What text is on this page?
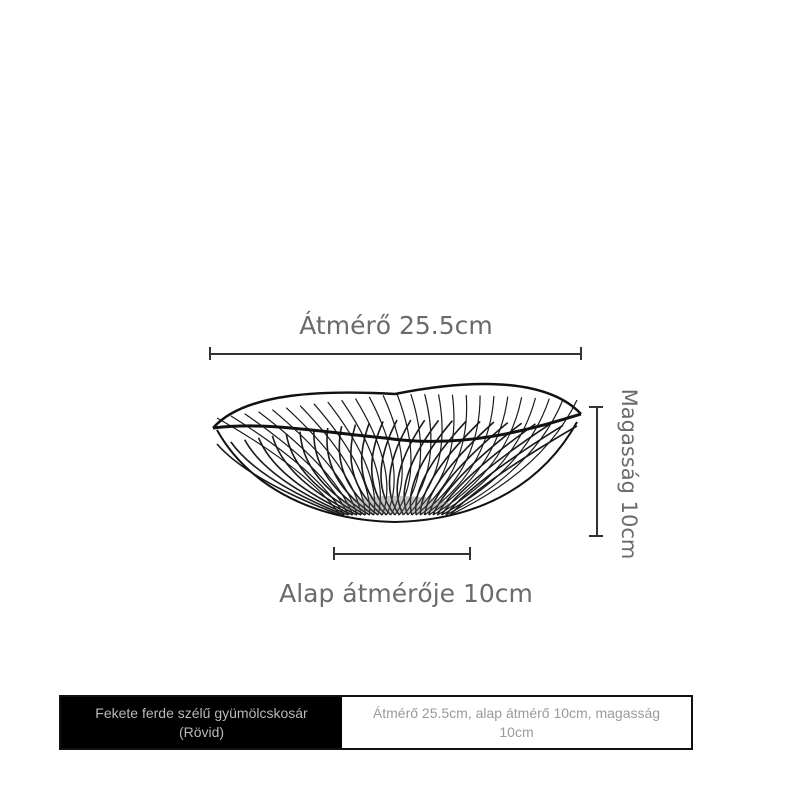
Átmérő 25.5cm
Magasság 10cm
Alap átmérője 10cm
Fekete ferde szélű gyümölcskosár (Rövid)
Átmérő 25.5cm, alap átmérő 10cm, magasság 10cm
